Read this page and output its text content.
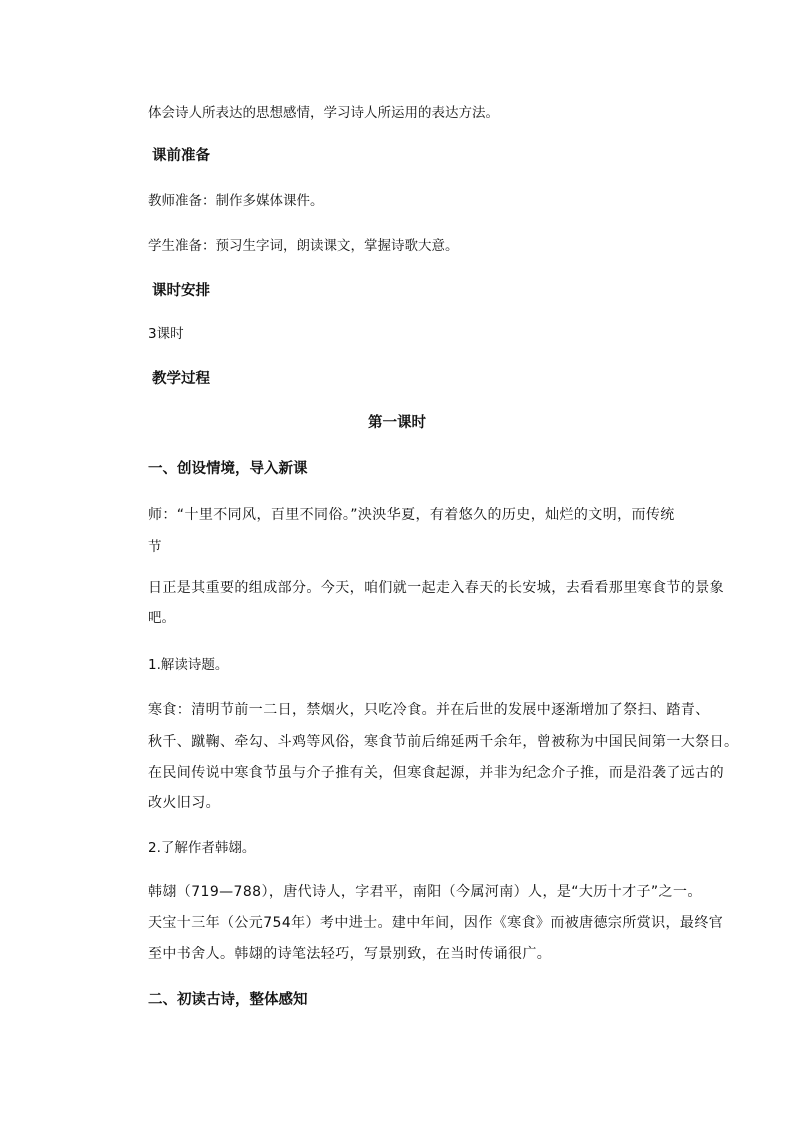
体会诗人所表达的思想感情，学习诗人所运用的表达方法。
课前准备
教师准备：制作多媒体课件。
学生准备：预习生字词，朗读课文，掌握诗歌大意。
课时安排
3课时
教学过程
第一课时
一、创设情境，导入新课
师：“十里不同风，百里不同俗。”泱泱华夏，有着悠久的历史，灿烂的文明，而传统
节
日正是其重要的组成部分。今天，咱们就一起走入春天的长安城，去看看那里寒食节的景象
吧。
1.解读诗题。
寒食：清明节前一二日，禁烟火，只吃冷食。并在后世的发展中逐渐增加了祭扫、踏青、
秋千、蹴鞠、牵勾、斗鸡等风俗，寒食节前后绵延两千余年，曾被称为中国民间第一大祭日。
在民间传说中寒食节虽与介子推有关，但寒食起源，并非为纪念介子推，而是沿袭了远古的
改火旧习。
2.了解作者韩翃。
韩翃（719—788），唐代诗人，字君平，南阳（今属河南）人，是“大历十才子”之一。
天宝十三年（公元754年）考中进士。建中年间，因作《寒食》而被唐德宗所赏识，最终官
至中书舍人。韩翃的诗笔法轻巧，写景别致，在当时传诵很广。
二、初读古诗，整体感知
